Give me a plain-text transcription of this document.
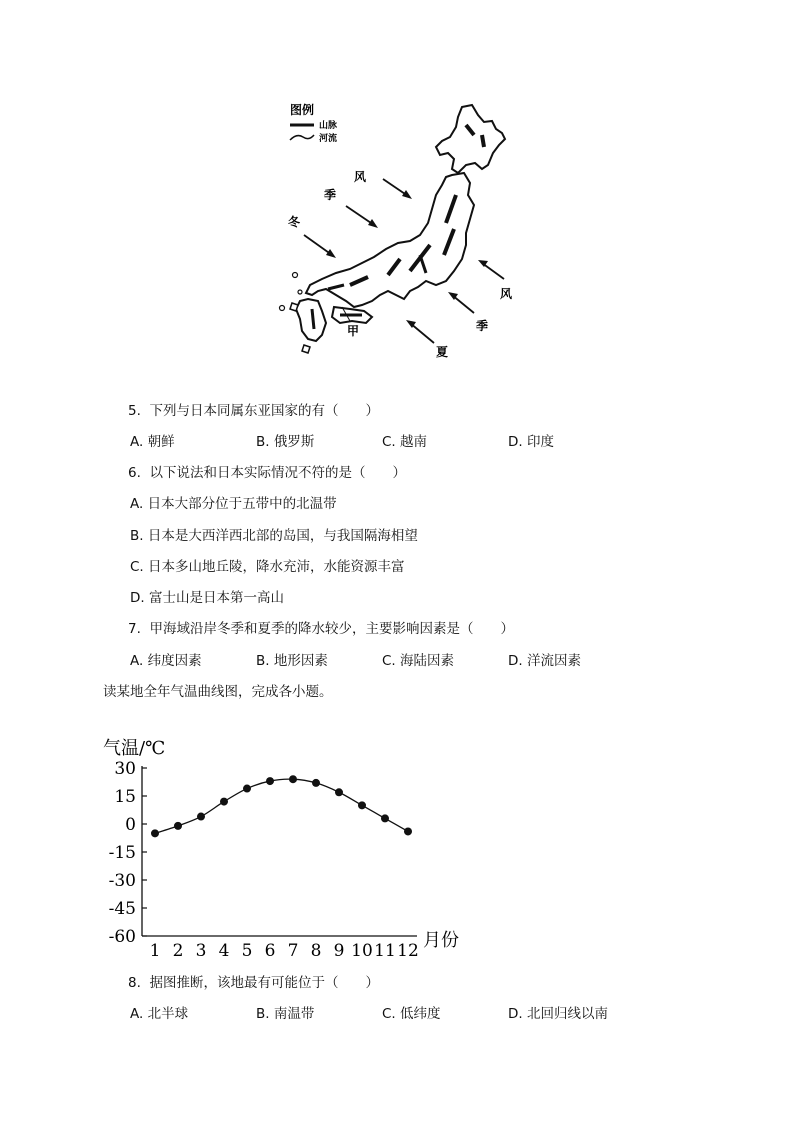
图例
山脉
河流
风
季
冬
风
季
夏
甲
5. 下列与日本同属东亚国家的有（　　）
A. 朝鲜	B. 俄罗斯	C. 越南	D. 印度
6. 以下说法和日本实际情况不符的是（　　）
A. 日本大部分位于五带中的北温带
B. 日本是大西洋西北部的岛国，与我国隔海相望
C. 日本多山地丘陵，降水充沛，水能资源丰富
D. 富士山是日本第一高山
7. 甲海域沿岸冬季和夏季的降水较少，主要影响因素是（　　）
A. 纬度因素	B. 地形因素	C. 海陆因素	D. 洋流因素
读某地全年气温曲线图，完成各小题。
气温/℃
30
15
0
-15
-30
-45
-60
1 2 3 4 5 6 7 8 9 10 11 12 月份
8. 据图推断，该地最有可能位于（　　）
A. 北半球	B. 南温带	C. 低纬度	D. 北回归线以南
